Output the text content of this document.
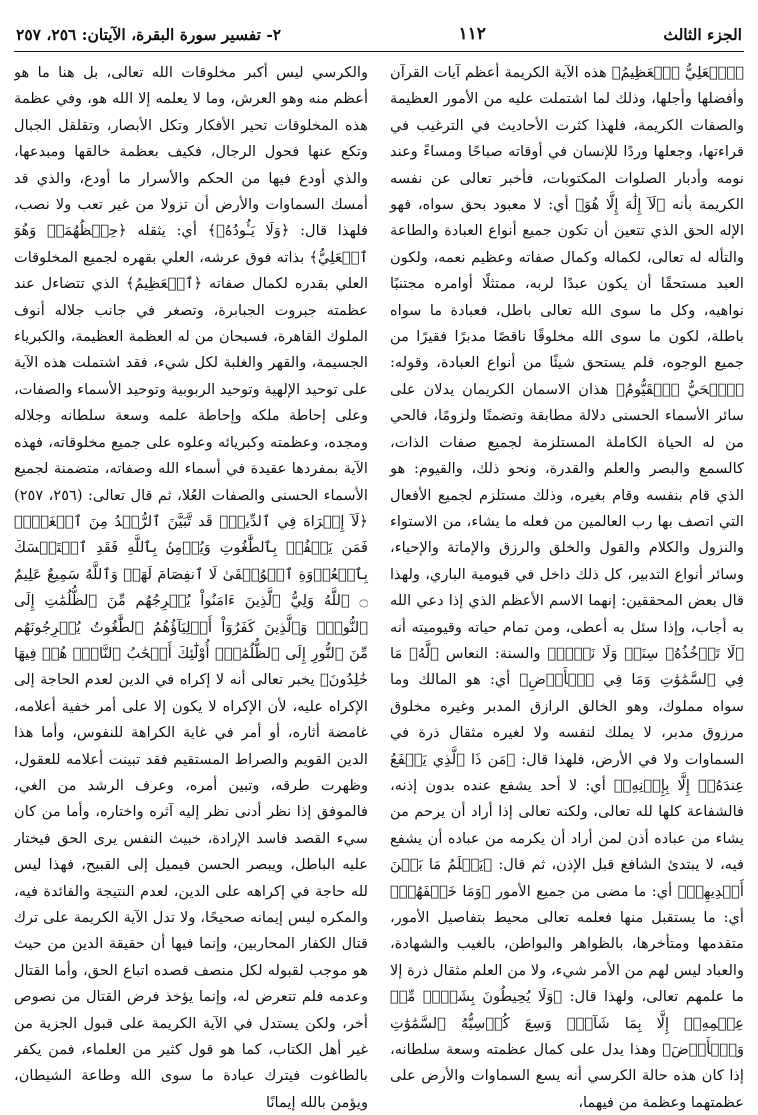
الجزء الثالث
١١٢
٢- تفسير سورة البقرة، الآيتان: ٢٥٦، ٢٥٧

﴿ٱلۡعَلِيُّ ٱلۡعَظِيمُ﴾ هذه الآية الكريمة أعظم آيات القرآن وأفضلها وأجلها، وذلك لما اشتملت عليه من الأمور العظيمة والصفات الكريمة، فلهذا كثرت الأحاديث في الترغيب في قراءتها، وجعلها وردًا للإنسان في أوقاته صباحًا ومساءً وعند نومه وأدبار الصلوات المكتوبات، فأخبر تعالى عن نفسه الكريمة بأنه ﴿لَآ إِلَٰهَ إِلَّا هُوَ﴾ أي: لا معبود بحق سواه، فهو الإله الحق الذي تتعين أن تكون جميع أنواع العبادة والطاعة والتأله له تعالى، لكماله وكمال صفاته وعظيم نعمه، ولكون العبد مستحقًا أن يكون عبدًا لربه، ممتثلًا أوامره مجتنبًا نواهيه، وكل ما سوى الله تعالى باطل، فعبادة ما سواه باطلة، لكون ما سوى الله مخلوقًا ناقصًا مدبرًا فقيرًا من جميع الوجوه، فلم يستحق شيئًا من أنواع العبادة، وقوله: ﴿ٱلۡحَيُّ ٱلۡقَيُّومُ﴾ هذان الاسمان الكريمان يدلان على سائر الأسماء الحسنى دلالة مطابقة وتضمنًا ولزومًا، فالحي من له الحياة الكاملة المستلزمة لجميع صفات الذات، كالسمع والبصر والعلم والقدرة، ونحو ذلك، والقيوم: هو الذي قام بنفسه وقام بغيره، وذلك مستلزم لجميع الأفعال التي اتصف بها رب العالمين من فعله ما يشاء، من الاستواء والنزول والكلام والقول والخلق والرزق والإماتة والإحياء، وسائر أنواع التدبير، كل ذلك داخل في قيومية الباري، ولهذا قال بعض المحققين: إنهما الاسم الأعظم الذي إذا دعي الله به أجاب، وإذا سئل به أعطى، ومن تمام حياته وقيوميته أنه ﴿لَا تَأۡخُذُهُۥ سِنَةٞ وَلَا نَوۡمٞ﴾ والسنة: النعاس ﴿لَّهُۥ مَا فِي ٱلسَّمَٰوَٰتِ وَمَا فِي ٱلۡأَرۡضِ﴾ أي: هو المالك وما سواه مملوك، وهو الخالق الرازق المدبر وغيره مخلوق مرزوق مدبر، لا يملك لنفسه ولا لغيره مثقال ذرة في السماوات ولا في الأرض، فلهذا قال: ﴿مَن ذَا ٱلَّذِي يَشۡفَعُ عِندَهُۥٓ إِلَّا بِإِذۡنِهِۦ﴾ أي: لا أحد يشفع عنده بدون إذنه، فالشفاعة كلها لله تعالى، ولكنه تعالى إذا أراد أن يرحم من يشاء من عباده أذن لمن أراد أن يكرمه من عباده أن يشفع فيه، لا يبتدئ الشافع قبل الإذن، ثم قال: ﴿يَعۡلَمُ مَا بَيۡنَ أَيۡدِيهِمۡ﴾ أي: ما مضى من جميع الأمور ﴿وَمَا خَلۡفَهُمۡ﴾ أي: ما يستقبل منها فعلمه تعالى محيط بتفاصيل الأمور، متقدمها ومتأخرها، بالظواهر والبواطن، بالغيب والشهادة، والعباد ليس لهم من الأمر شيء، ولا من العلم مثقال ذرة إلا ما علمهم تعالى، ولهذا قال: ﴿وَلَا يُحِيطُونَ بِشَيۡءٖ مِّنۡ عِلۡمِهِۦٓ إِلَّا بِمَا شَآءَۚ وَسِعَ كُرۡسِيُّهُ ٱلسَّمَٰوَٰتِ وَٱلۡأَرۡضَ﴾ وهذا يدل على كمال عظمته وسعة سلطانه، إذا كان هذه حالة الكرسي أنه يسع السماوات والأرض على عظمتهما وعظمة من فيهما،

والكرسي ليس أكبر مخلوقات الله تعالى، بل هنا ما هو أعظم منه وهو العرش، وما لا يعلمه إلا الله هو، وفي عظمة هذه المخلوقات تحير الأفكار وتكل الأبصار، وتقلقل الجبال وتكع عنها فحول الرجال، فكيف بعظمة خالقها ومبدعها، والذي أودع فيها من الحكم والأسرار ما أودع، والذي قد أمسك السماوات والأرض أن تزولا من غير تعب ولا نصب، فلهذا قال: ﴿وَلَا يَـُٔودُهُۥ﴾ أي: يثقله ﴿حِفۡظُهُمَاۚ وَهُوَ ٱلۡعَلِيُّ﴾ بذاته فوق عرشه، العلي بقهره لجميع المخلوقات العلي بقدره لكمال صفاته ﴿ٱلۡعَظِيمُ﴾ الذي تتضاءل عند عظمته جبروت الجبابرة، وتصغر في جانب جلاله أنوف الملوك القاهرة، فسبحان من له العظمة العظيمة، والكبرياء الجسيمة، والقهر والغلبة لكل شيء، فقد اشتملت هذه الآية على توحيد الإلهية وتوحيد الربوبية وتوحيد الأسماء والصفات، وعلى إحاطة ملكه وإحاطة علمه وسعة سلطانه وجلاله ومجده، وعظمته وكبريائه وعلوه على جميع مخلوقاته، فهذه الآية بمفردها عقيدة في أسماء الله وصفاته، متضمنة لجميع الأسماء الحسنى والصفات العُلا، ثم قال تعالى: (٢٥٦، ٢٥٧) ﴿لَآ إِكۡرَاهَ فِي ٱلدِّينِۖ قَد تَّبَيَّنَ ٱلرُّشۡدُ مِنَ ٱلۡغَيِّۚ فَمَن يَكۡفُرۡ بِٱلطَّٰغُوتِ وَيُؤۡمِنۢ بِٱللَّهِ فَقَدِ ٱسۡتَمۡسَكَ بِٱلۡعُرۡوَةِ ٱلۡوُثۡقَىٰ لَا ٱنفِصَامَ لَهَاۗ وَٱللَّهُ سَمِيعٌ عَلِيمٌ ۝ ٱللَّهُ وَلِيُّ ٱلَّذِينَ ءَامَنُواْ يُخۡرِجُهُم مِّنَ ٱلظُّلُمَٰتِ إِلَى ٱلنُّورِۖ وَٱلَّذِينَ كَفَرُوٓاْ أَوۡلِيَآؤُهُمُ ٱلطَّٰغُوتُ يُخۡرِجُونَهُم مِّنَ ٱلنُّورِ إِلَى ٱلظُّلُمَٰتِۗ أُوْلَٰٓئِكَ أَصۡحَٰبُ ٱلنَّارِۖ هُمۡ فِيهَا خَٰلِدُونَ﴾ يخبر تعالى أنه لا إكراه في الدين لعدم الحاجة إلى الإكراه عليه، لأن الإكراه لا يكون إلا على أمر خفية أعلامه، غامضة أثاره، أو أمر في غاية الكراهة للنفوس، وأما هذا الدين القويم والصراط المستقيم فقد تبينت أعلامه للعقول، وظهرت طرقه، وتبين أمره، وعرف الرشد من الغي، فالموفق إذا نظر أدنى نظر إليه آثره واختاره، وأما من كان سيء القصد فاسد الإرادة، خبيث النفس يرى الحق فيختار عليه الباطل، ويبصر الحسن فيميل إلى القبيح، فهذا ليس لله حاجة في إكراهه على الدين، لعدم النتيجة والفائدة فيه، والمكره ليس إيمانه صحيحًا، ولا تدل الآية الكريمة على ترك قتال الكفار المحاربين، وإنما فيها أن حقيقة الدين من حيث هو موجب لقبوله لكل منصف قصده اتباع الحق، وأما القتال وعدمه فلم تتعرض له، وإنما يؤخذ فرض القتال من نصوص أخر، ولكن يستدل في الآية الكريمة على قبول الجزية من غير أهل الكتاب، كما هو قول كثير من العلماء، فمن يكفر بالطاغوت فيترك عبادة ما سوى الله وطاعة الشيطان، ويؤمن بالله إيمانًا
